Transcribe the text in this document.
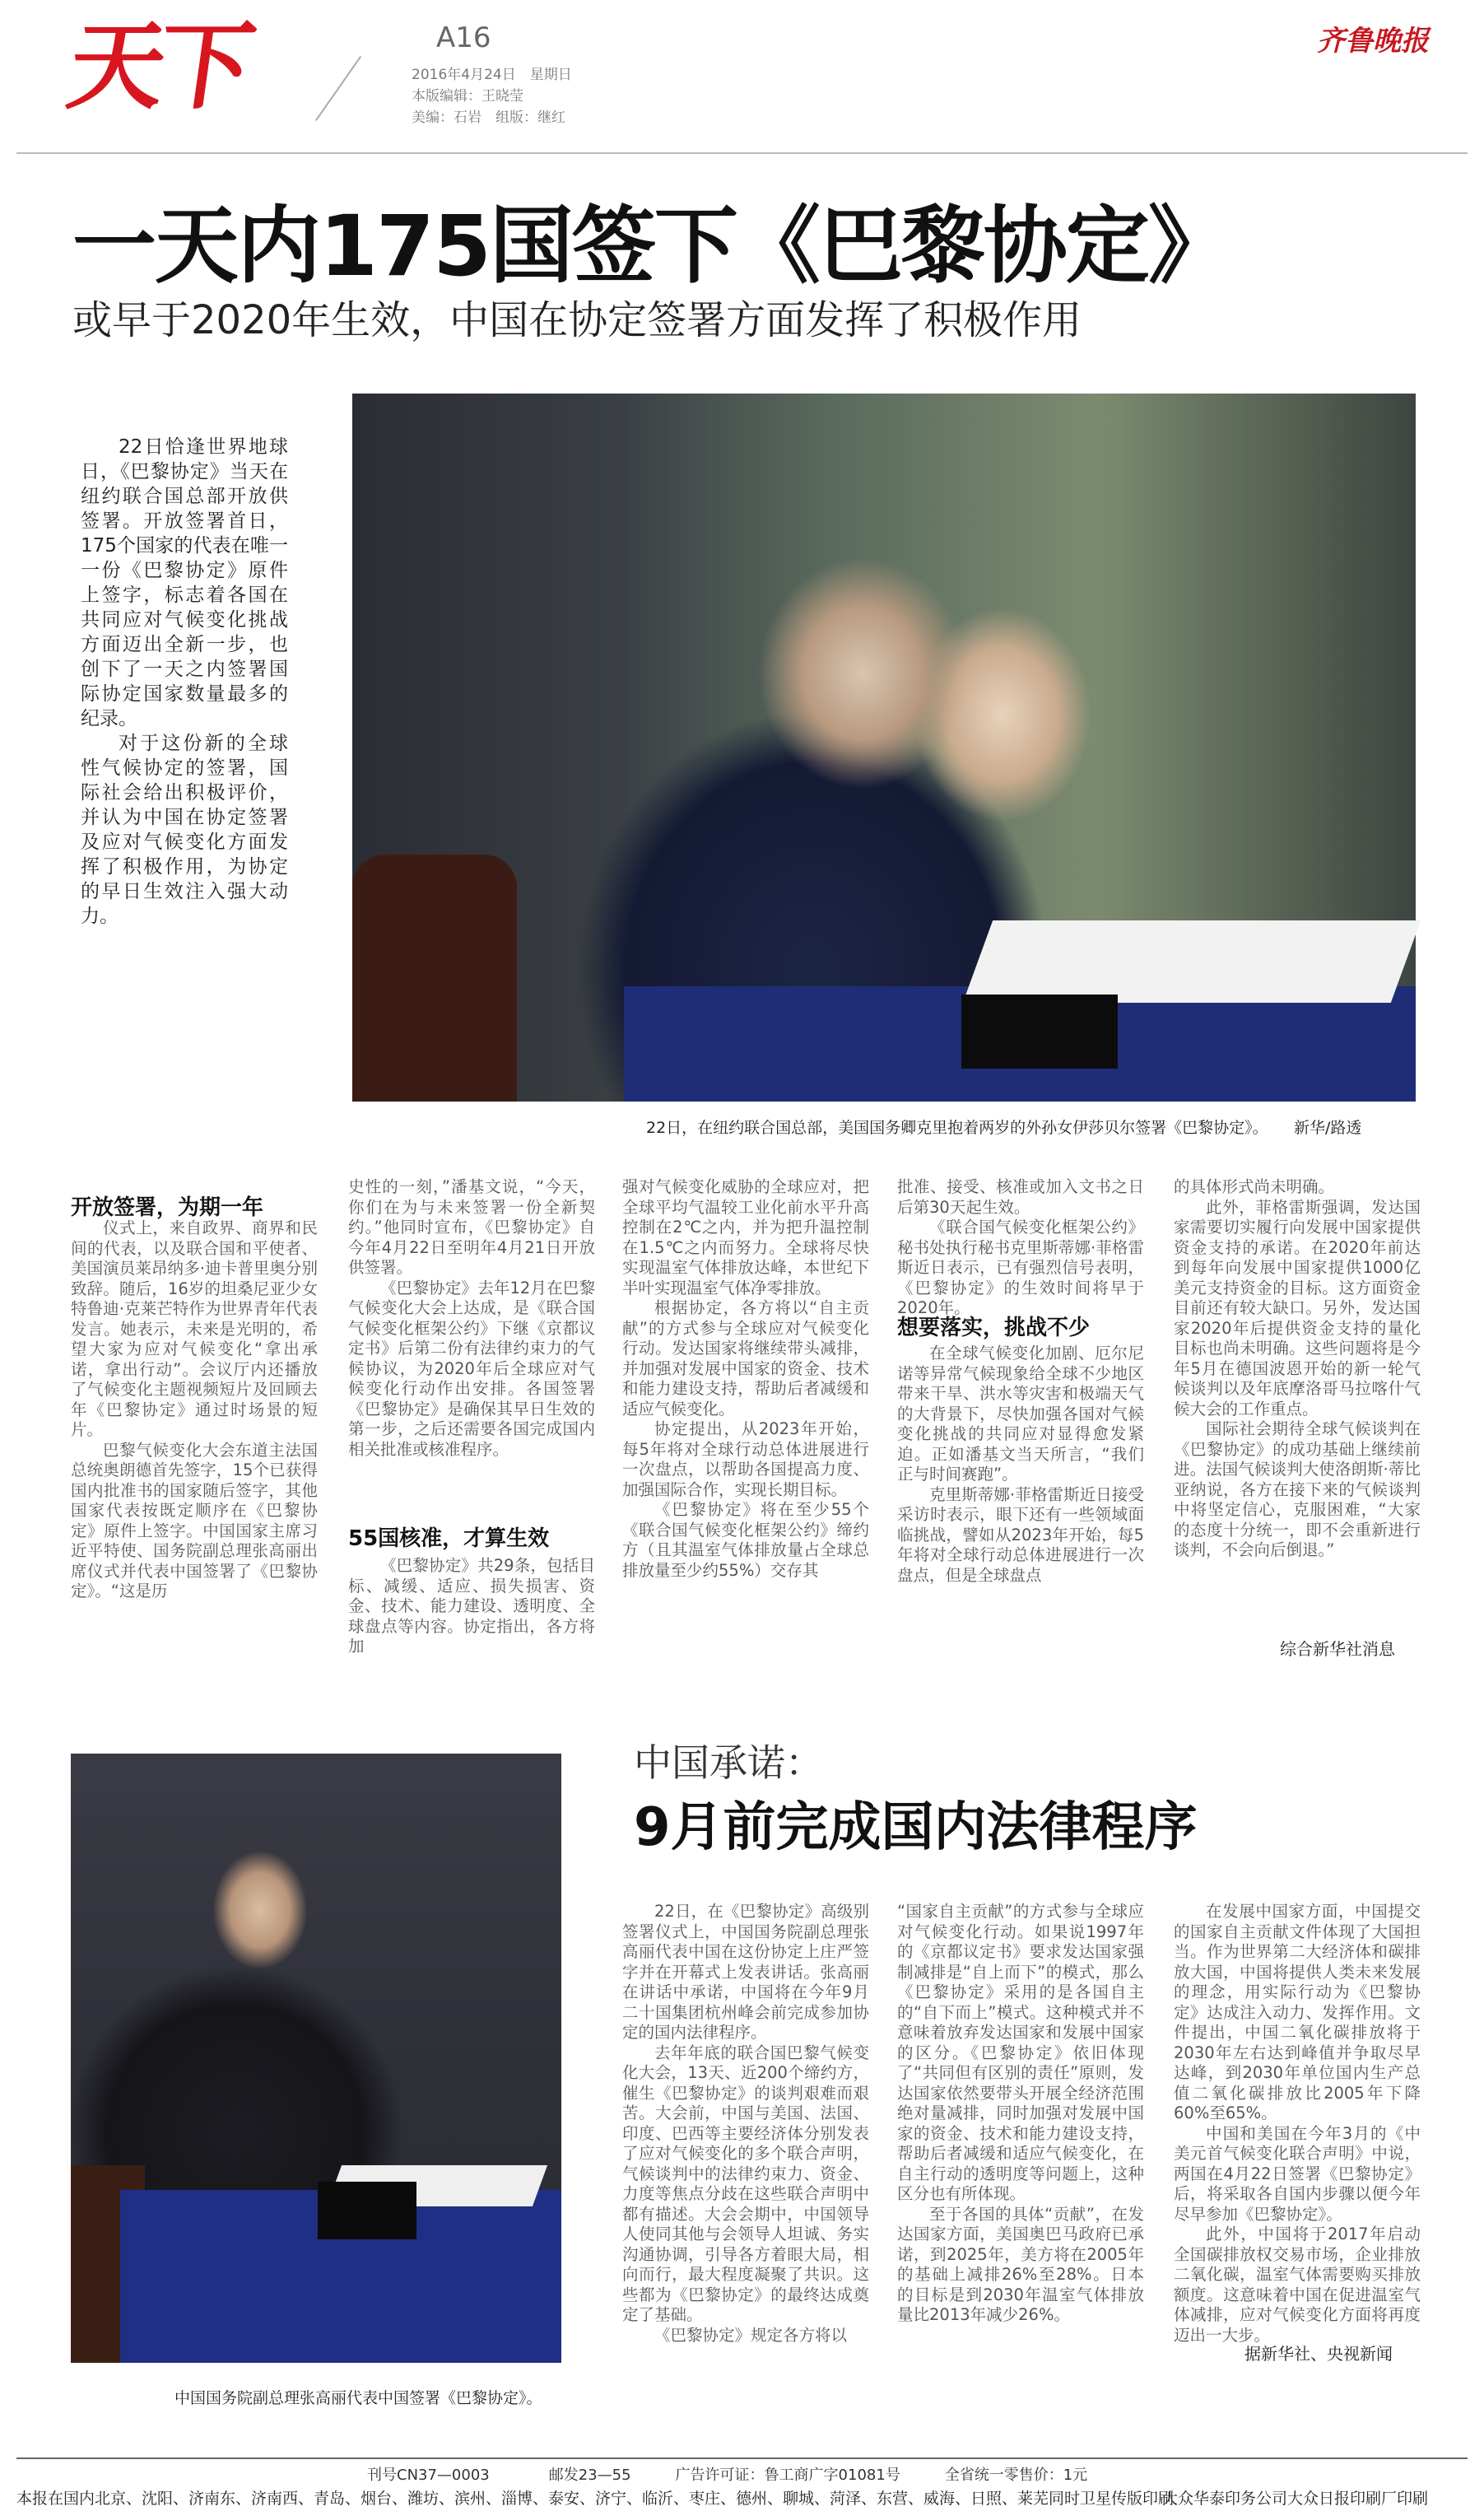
天下	A16
2016年4月24日　星期日
本版编辑：王晓莹
美编：石岩　组版：继红
齐鲁晚报
一天内175国签下《巴黎协定》
或早于2020年生效，中国在协定签署方面发挥了积极作用

22日恰逢世界地球日，《巴黎协定》当天在纽约联合国总部开放供签署。开放签署首日，175个国家的代表在唯一一份《巴黎协定》原件上签字，标志着各国在共同应对气候变化挑战方面迈出全新一步，也创下了一天之内签署国际协定国家数量最多的纪录。

对于这份新的全球性气候协定的签署，国际社会给出积极评价，并认为中国在协定签署及应对气候变化方面发挥了积极作用，为协定的早日生效注入强大动力。

22日，在纽约联合国总部，美国国务卿克里抱着两岁的外孙女伊莎贝尔签署《巴黎协定》。 新华/路透
开放签署，为期一年

仪式上，来自政界、商界和民间的代表，以及联合国和平使者、美国演员莱昂纳多·迪卡普里奥分别致辞。随后，16岁的坦桑尼亚少女特鲁迪·克莱芒特作为世界青年代表发言。她表示，未来是光明的，希望大家为应对气候变化“拿出承诺，拿出行动”。会议厅内还播放了气候变化主题视频短片及回顾去年《巴黎协定》通过时场景的短片。

巴黎气候变化大会东道主法国总统奥朗德首先签字，15个已获得国内批准书的国家随后签字，其他国家代表按既定顺序在《巴黎协定》原件上签字。中国国家主席习近平特使、国务院副总理张高丽出席仪式并代表中国签署了《巴黎协定》。“这是历

史性的一刻，”潘基文说，“今天，你们在为与未来签署一份全新契约。”他同时宣布，《巴黎协定》自今年4月22日至明年4月21日开放供签署。

《巴黎协定》去年12月在巴黎气候变化大会上达成，是《联合国气候变化框架公约》下继《京都议定书》后第二份有法律约束力的气候协议，为2020年后全球应对气候变化行动作出安排。各国签署《巴黎协定》是确保其早日生效的第一步，之后还需要各国完成国内相关批准或核准程序。

55国核准，才算生效

《巴黎协定》共29条，包括目标、减缓、适应、损失损害、资金、技术、能力建设、透明度、全球盘点等内容。协定指出，各方将加

强对气候变化威胁的全球应对，把全球平均气温较工业化前水平升高控制在2℃之内，并为把升温控制在1.5℃之内而努力。全球将尽快实现温室气体排放达峰，本世纪下半叶实现温室气体净零排放。

根据协定，各方将以“自主贡献”的方式参与全球应对气候变化行动。发达国家将继续带头减排，并加强对发展中国家的资金、技术和能力建设支持，帮助后者减缓和适应气候变化。

协定提出，从2023年开始，每5年将对全球行动总体进展进行一次盘点，以帮助各国提高力度、加强国际合作，实现长期目标。

《巴黎协定》将在至少55个《联合国气候变化框架公约》缔约方（且其温室气体排放量占全球总排放量至少约55%）交存其

批准、接受、核准或加入文书之日后第30天起生效。

《联合国气候变化框架公约》秘书处执行秘书克里斯蒂娜·菲格雷斯近日表示，已有强烈信号表明，《巴黎协定》的生效时间将早于2020年。

想要落实，挑战不少

在全球气候变化加剧、厄尔尼诺等异常气候现象给全球不少地区带来干旱、洪水等灾害和极端天气的大背景下，尽快加强各国对气候变化挑战的共同应对显得愈发紧迫。正如潘基文当天所言，“我们正与时间赛跑”。

克里斯蒂娜·菲格雷斯近日接受采访时表示，眼下还有一些领域面临挑战，譬如从2023年开始，每5年将对全球行动总体进展进行一次盘点，但是全球盘点

的具体形式尚未明确。

此外，菲格雷斯强调，发达国家需要切实履行向发展中国家提供资金支持的承诺。在2020年前达到每年向发展中国家提供1000亿美元支持资金的目标。这方面资金目前还有较大缺口。另外，发达国家2020年后提供资金支持的量化目标也尚未明确。这些问题将是今年5月在德国波恩开始的新一轮气候谈判以及年底摩洛哥马拉喀什气候大会的工作重点。

国际社会期待全球气候谈判在《巴黎协定》的成功基础上继续前进。法国气候谈判大使洛朗斯·蒂比亚纳说，各方在接下来的气候谈判中将坚定信心，克服困难，“大家的态度十分统一，即不会重新进行谈判，不会向后倒退。”

综合新华社消息
中国国务院副总理张高丽代表中国签署《巴黎协定》。
中国承诺：
9月前完成国内法律程序

22日，在《巴黎协定》高级别签署仪式上，中国国务院副总理张高丽代表中国在这份协定上庄严签字并在开幕式上发表讲话。张高丽在讲话中承诺，中国将在今年9月二十国集团杭州峰会前完成参加协定的国内法律程序。

去年年底的联合国巴黎气候变化大会，13天、近200个缔约方，催生《巴黎协定》的谈判艰难而艰苦。大会前，中国与美国、法国、印度、巴西等主要经济体分别发表了应对气候变化的多个联合声明，气候谈判中的法律约束力、资金、力度等焦点分歧在这些联合声明中都有描述。大会会期中，中国领导人使同其他与会领导人坦诚、务实沟通协调，引导各方着眼大局，相向而行，最大程度凝聚了共识。这些都为《巴黎协定》的最终达成奠定了基础。

《巴黎协定》规定各方将以

“国家自主贡献”的方式参与全球应对气候变化行动。如果说1997年的《京都议定书》要求发达国家强制减排是“自上而下”的模式，那么《巴黎协定》采用的是各国自主的“自下而上”模式。这种模式并不意味着放弃发达国家和发展中国家的区分。《巴黎协定》依旧体现了“共同但有区别的责任”原则，发达国家依然要带头开展全经济范围绝对量减排，同时加强对发展中国家的资金、技术和能力建设支持，帮助后者减缓和适应气候变化，在自主行动的透明度等问题上，这种区分也有所体现。

至于各国的具体“贡献”，在发达国家方面，美国奥巴马政府已承诺，到2025年，美方将在2005年的基础上减排26%至28%。日本的目标是到2030年温室气体排放量比2013年减少26%。

在发展中国家方面，中国提交的国家自主贡献文件体现了大国担当。作为世界第二大经济体和碳排放大国，中国将提供人类未来发展的理念，用实际行动为《巴黎协定》达成注入动力、发挥作用。文件提出，中国二氧化碳排放将于2030年左右达到峰值并争取尽早达峰，到2030年单位国内生产总值二氧化碳排放比2005年下降60%至65%。

中国和美国在今年3月的《中美元首气候变化联合声明》中说，两国在4月22日签署《巴黎协定》后，将采取各自国内步骤以便今年尽早参加《巴黎协定》。

此外，中国将于2017年启动全国碳排放权交易市场，企业排放二氧化碳，温室气体需要购买排放额度。这意味着中国在促进温室气体减排，应对气候变化方面将再度迈出一大步。

据新华社、央视新闻
刊号CN37—0003　　　　邮发23—55　　　广告许可证：鲁工商广字01081号　　　全省统一零售价：1元
本报在国内北京、沈阳、济南东、济南西、青岛、烟台、潍坊、滨州、淄博、泰安、济宁、临沂、枣庄、德州、聊城、菏泽、东营、威海、日照、莱芜同时卫星传版印刷
大众华泰印务公司大众日报印刷厂印刷
